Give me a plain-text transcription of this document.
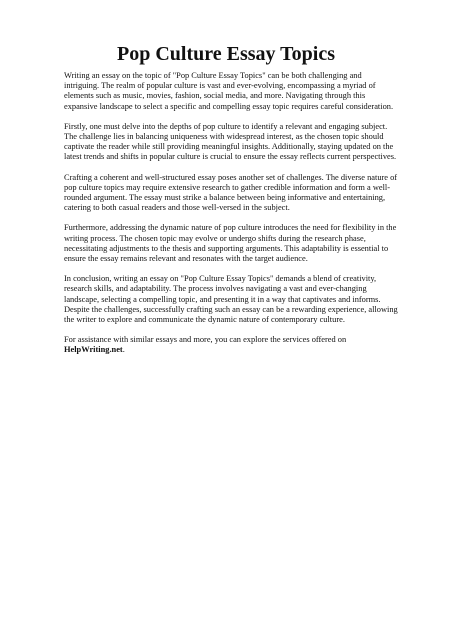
Pop Culture Essay Topics

Writing an essay on the topic of "Pop Culture Essay Topics" can be both challenging and intriguing. The realm of popular culture is vast and ever-evolving, encompassing a myriad of elements such as music, movies, fashion, social media, and more. Navigating through this expansive landscape to select a specific and compelling essay topic requires careful consideration.

Firstly, one must delve into the depths of pop culture to identify a relevant and engaging subject. The challenge lies in balancing uniqueness with widespread interest, as the chosen topic should captivate the reader while still providing meaningful insights. Additionally, staying updated on the latest trends and shifts in popular culture is crucial to ensure the essay reflects current perspectives.

Crafting a coherent and well-structured essay poses another set of challenges. The diverse nature of pop culture topics may require extensive research to gather credible information and form a well-rounded argument. The essay must strike a balance between being informative and entertaining, catering to both casual readers and those well-versed in the subject.

Furthermore, addressing the dynamic nature of pop culture introduces the need for flexibility in the writing process. The chosen topic may evolve or undergo shifts during the research phase, necessitating adjustments to the thesis and supporting arguments. This adaptability is essential to ensure the essay remains relevant and resonates with the target audience.

In conclusion, writing an essay on "Pop Culture Essay Topics" demands a blend of creativity, research skills, and adaptability. The process involves navigating a vast and ever-changing landscape, selecting a compelling topic, and presenting it in a way that captivates and informs. Despite the challenges, successfully crafting such an essay can be a rewarding experience, allowing the writer to explore and communicate the dynamic nature of contemporary culture.

For assistance with similar essays and more, you can explore the services offered on
HelpWriting.net.
